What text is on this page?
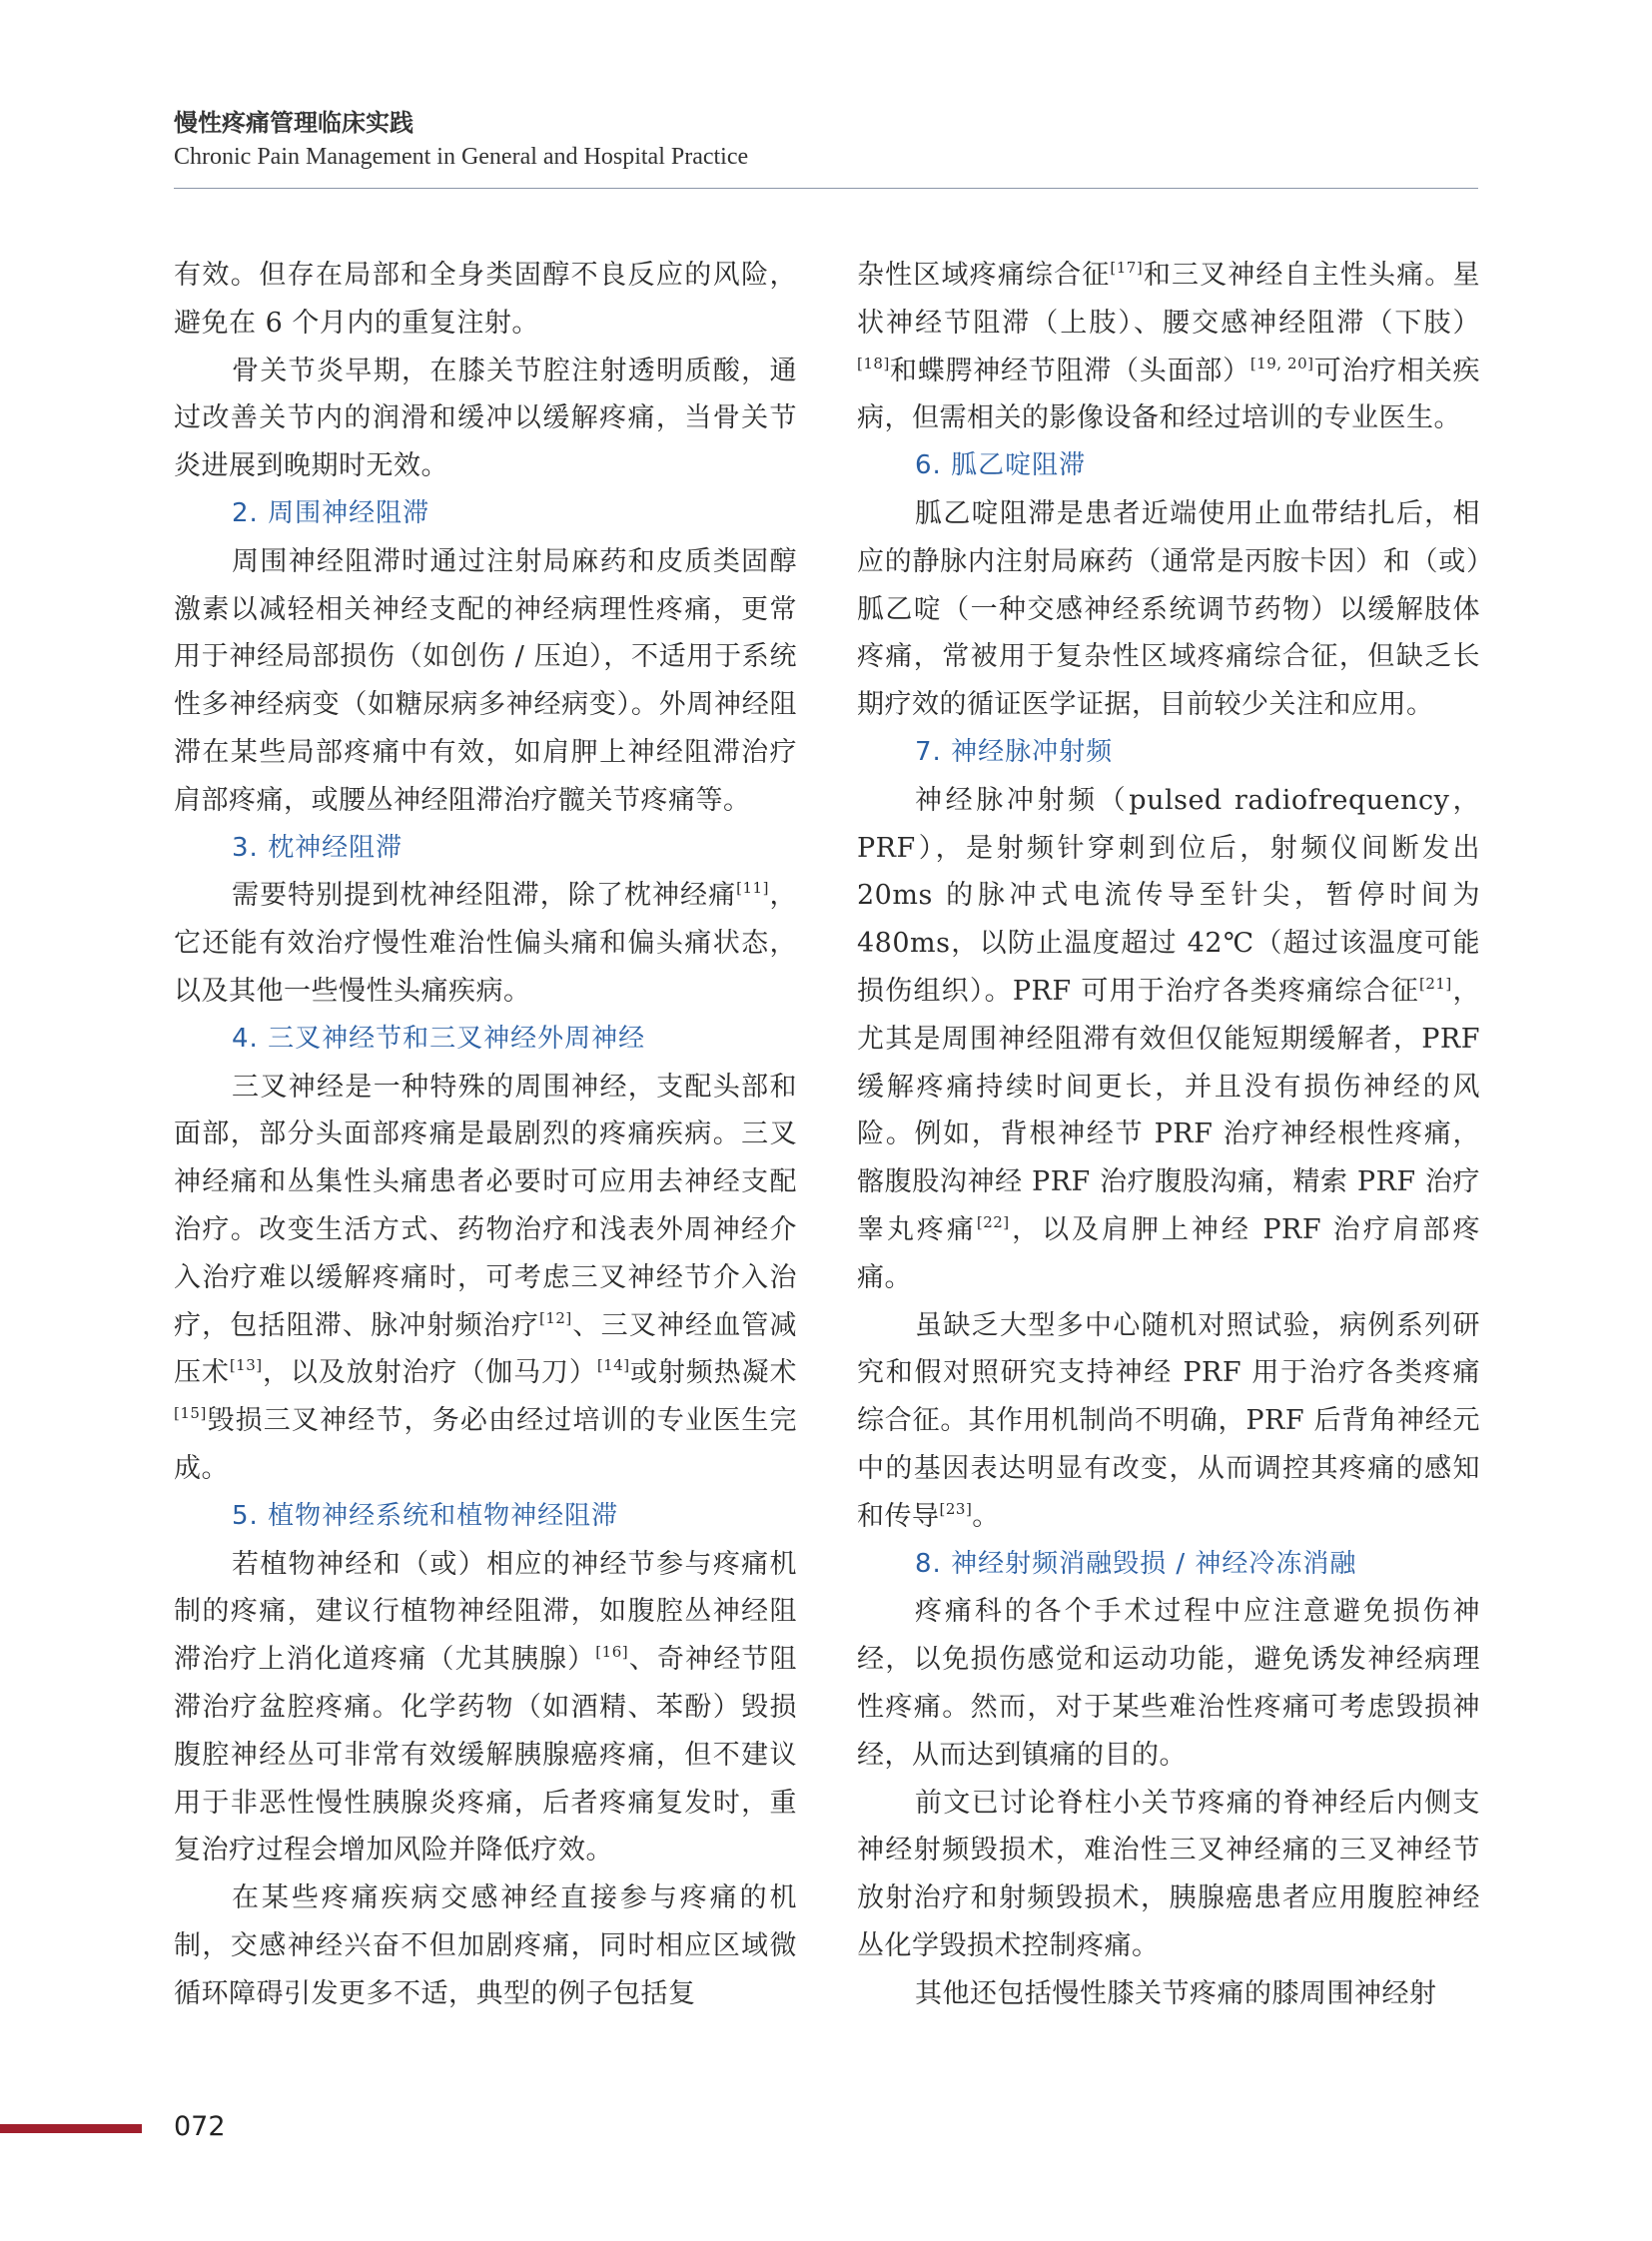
慢性疼痛管理临床实践
Chronic Pain Management in General and Hospital Practice

有效。但存在局部和全身类固醇不良反应的风险，避免在 6 个月内的重复注射。

骨关节炎早期，在膝关节腔注射透明质酸，通过改善关节内的润滑和缓冲以缓解疼痛，当骨关节炎进展到晚期时无效。

2. 周围神经阻滞

周围神经阻滞时通过注射局麻药和皮质类固醇激素以减轻相关神经支配的神经病理性疼痛，更常用于神经局部损伤（如创伤 / 压迫），不适用于系统性多神经病变（如糖尿病多神经病变）。外周神经阻滞在某些局部疼痛中有效，如肩胛上神经阻滞治疗肩部疼痛，或腰丛神经阻滞治疗髋关节疼痛等。

3. 枕神经阻滞

需要特别提到枕神经阻滞，除了枕神经痛[11]，它还能有效治疗慢性难治性偏头痛和偏头痛状态，以及其他一些慢性头痛疾病。

4. 三叉神经节和三叉神经外周神经

三叉神经是一种特殊的周围神经，支配头部和面部，部分头面部疼痛是最剧烈的疼痛疾病。三叉神经痛和丛集性头痛患者必要时可应用去神经支配治疗。改变生活方式、药物治疗和浅表外周神经介入治疗难以缓解疼痛时，可考虑三叉神经节介入治疗，包括阻滞、脉冲射频治疗[12]、三叉神经血管减压术[13]，以及放射治疗（伽马刀）[14]或射频热凝术[15]毁损三叉神经节，务必由经过培训的专业医生完成。

5. 植物神经系统和植物神经阻滞

若植物神经和（或）相应的神经节参与疼痛机制的疼痛，建议行植物神经阻滞，如腹腔丛神经阻滞治疗上消化道疼痛（尤其胰腺）[16]、奇神经节阻滞治疗盆腔疼痛。化学药物（如酒精、苯酚）毁损腹腔神经丛可非常有效缓解胰腺癌疼痛，但不建议用于非恶性慢性胰腺炎疼痛，后者疼痛复发时，重复治疗过程会增加风险并降低疗效。

在某些疼痛疾病交感神经直接参与疼痛的机制，交感神经兴奋不但加剧疼痛，同时相应区域微循环障碍引发更多不适，典型的例子包括复

杂性区域疼痛综合征[17]和三叉神经自主性头痛。星状神经节阻滞（上肢）、腰交感神经阻滞（下肢）[18]和蝶腭神经节阻滞（头面部）[19, 20]可治疗相关疾病，但需相关的影像设备和经过培训的专业医生。

6. 胍乙啶阻滞

胍乙啶阻滞是患者近端使用止血带结扎后，相应的静脉内注射局麻药（通常是丙胺卡因）和（或）胍乙啶（一种交感神经系统调节药物）以缓解肢体疼痛，常被用于复杂性区域疼痛综合征，但缺乏长期疗效的循证医学证据，目前较少关注和应用。

7. 神经脉冲射频

神经脉冲射频（pulsed radiofrequency，PRF），是射频针穿刺到位后，射频仪间断发出 20ms 的脉冲式电流传导至针尖，暂停时间为 480ms，以防止温度超过 42℃（超过该温度可能损伤组织）。PRF 可用于治疗各类疼痛综合征[21]，尤其是周围神经阻滞有效但仅能短期缓解者，PRF 缓解疼痛持续时间更长，并且没有损伤神经的风险。例如，背根神经节 PRF 治疗神经根性疼痛，髂腹股沟神经 PRF 治疗腹股沟痛，精索 PRF 治疗睾丸疼痛[22]，以及肩胛上神经 PRF 治疗肩部疼痛。

虽缺乏大型多中心随机对照试验，病例系列研究和假对照研究支持神经 PRF 用于治疗各类疼痛综合征。其作用机制尚不明确，PRF 后背角神经元中的基因表达明显有改变，从而调控其疼痛的感知和传导[23]。

8. 神经射频消融毁损 / 神经冷冻消融

疼痛科的各个手术过程中应注意避免损伤神经，以免损伤感觉和运动功能，避免诱发神经病理性疼痛。然而，对于某些难治性疼痛可考虑毁损神经，从而达到镇痛的目的。

前文已讨论脊柱小关节疼痛的脊神经后内侧支神经射频毁损术，难治性三叉神经痛的三叉神经节放射治疗和射频毁损术，胰腺癌患者应用腹腔神经丛化学毁损术控制疼痛。

其他还包括慢性膝关节疼痛的膝周围神经射

072
